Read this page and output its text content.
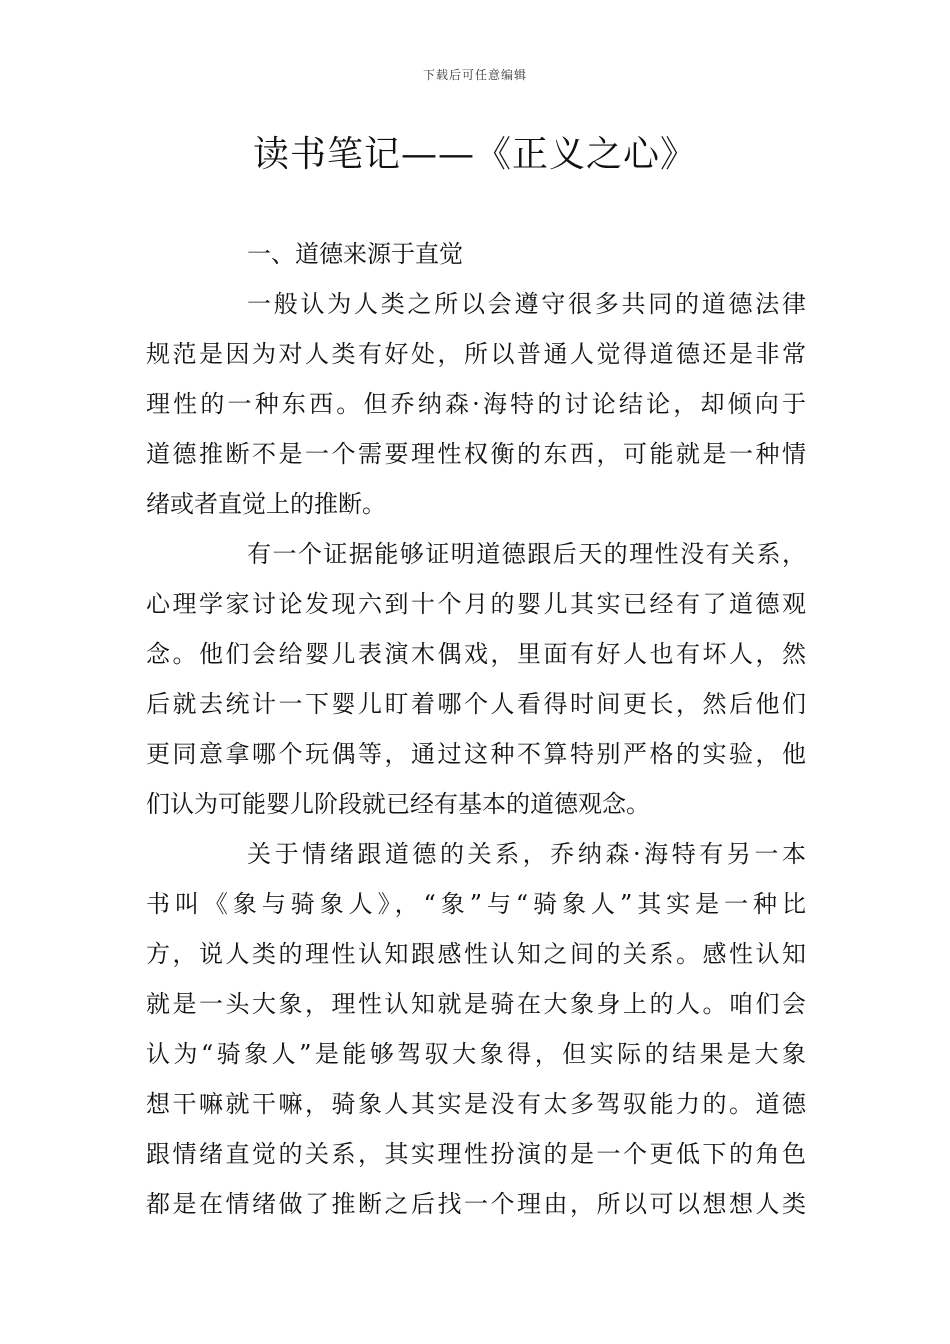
下载后可任意编辑
读书笔记——《正义之心》
一、道德来源于直觉
一般认为人类之所以会遵守很多共同的道德法律
规范是因为对人类有好处，所以普通人觉得道德还是非常
理性的一种东西。但乔纳森·海特的讨论结论，却倾向于
道德推断不是一个需要理性权衡的东西，可能就是一种情
绪或者直觉上的推断。
有一个证据能够证明道德跟后天的理性没有关系，
心理学家讨论发现六到十个月的婴儿其实已经有了道德观
念。他们会给婴儿表演木偶戏，里面有好人也有坏人，然
后就去统计一下婴儿盯着哪个人看得时间更长，然后他们
更同意拿哪个玩偶等，通过这种不算特别严格的实验，他
们认为可能婴儿阶段就已经有基本的道德观念。
关于情绪跟道德的关系，乔纳森·海特有另一本
书叫《象与骑象人》，“象”与“骑象人”其实是一种比
方，说人类的理性认知跟感性认知之间的关系。感性认知
就是一头大象，理性认知就是骑在大象身上的人。咱们会
认为“骑象人”是能够驾驭大象得，但实际的结果是大象
想干嘛就干嘛，骑象人其实是没有太多驾驭能力的。道德
跟情绪直觉的关系，其实理性扮演的是一个更低下的角色
都是在情绪做了推断之后找一个理由，所以可以想想人类
